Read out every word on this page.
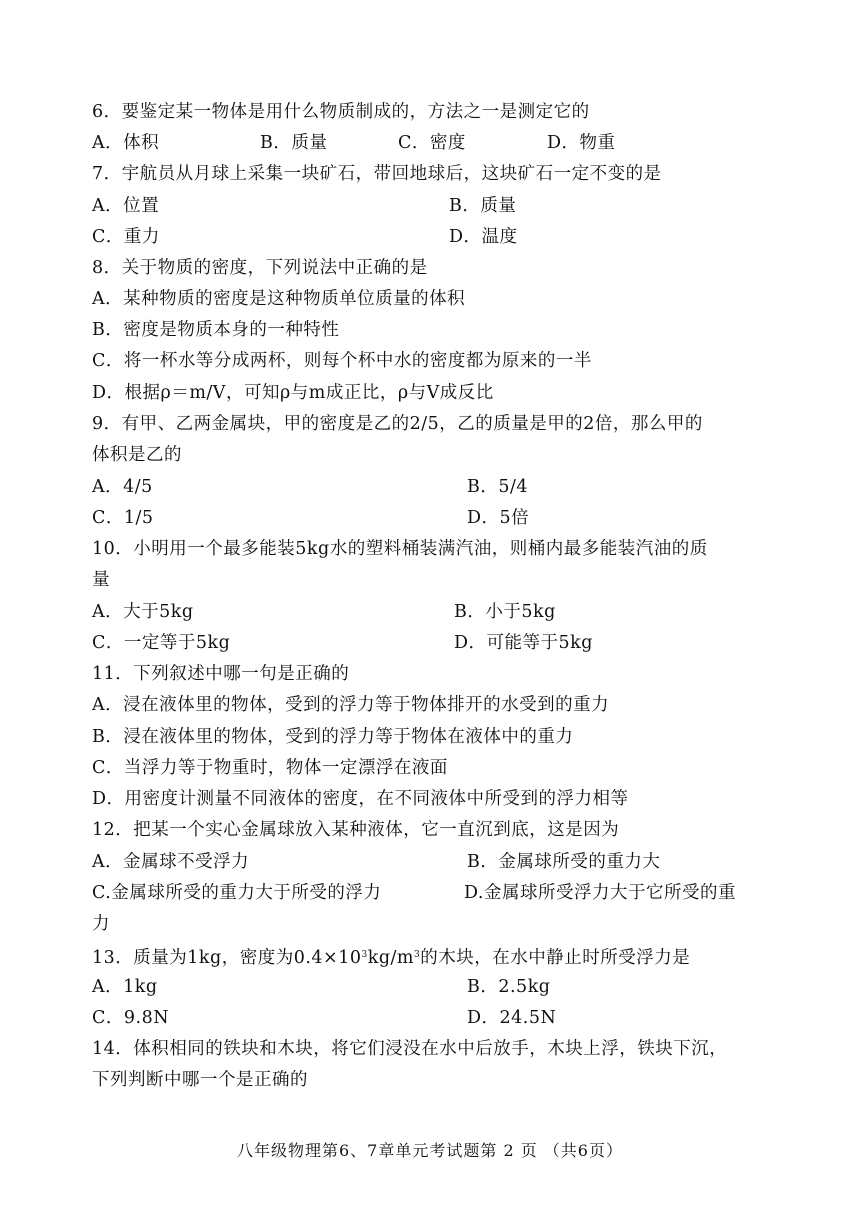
6．要鉴定某一物体是用什么物质制成的，方法之一是测定它的
A．体积	B．质量	C．密度	D．物重
7．宇航员从月球上采集一块矿石，带回地球后，这块矿石一定不变的是
A．位置	B．质量
C．重力	D．温度
8．关于物质的密度，下列说法中正确的是
A．某种物质的密度是这种物质单位质量的体积
B．密度是物质本身的一种特性
C．将一杯水等分成两杯，则每个杯中水的密度都为原来的一半
D．根据ρ＝m/V，可知ρ与m成正比，ρ与V成反比
9．有甲、乙两金属块，甲的密度是乙的2/5，乙的质量是甲的2倍，那么甲的
体积是乙的
A．4/5	B．5/4
C．1/5	D．5倍
10．小明用一个最多能装5kg水的塑料桶装满汽油，则桶内最多能装汽油的质
量
A．大于5kg	B．小于5kg
C．一定等于5kg	D．可能等于5kg
11．下列叙述中哪一句是正确的
A．浸在液体里的物体，受到的浮力等于物体排开的水受到的重力
B．浸在液体里的物体，受到的浮力等于物体在液体中的重力
C．当浮力等于物重时，物体一定漂浮在液面
D．用密度计测量不同液体的密度，在不同液体中所受到的浮力相等
12．把某一个实心金属球放入某种液体，它一直沉到底，这是因为
A．金属球不受浮力	B．金属球所受的重力大
C.金属球所受的重力大于所受的浮力	D.金属球所受浮力大于它所受的重
力
13．质量为1kg，密度为$0.4\times 10^3kg/m^3$的木块，在水中静止时所受浮力是
A．1kg	B．2.5kg
C．9.8N	D．24.5N
14．体积相同的铁块和木块，将它们浸没在水中后放手，木块上浮，铁块下沉，
下列判断中哪一个是正确的
八年级物理第6、7章单元考试题第 2 页 （共6页）
